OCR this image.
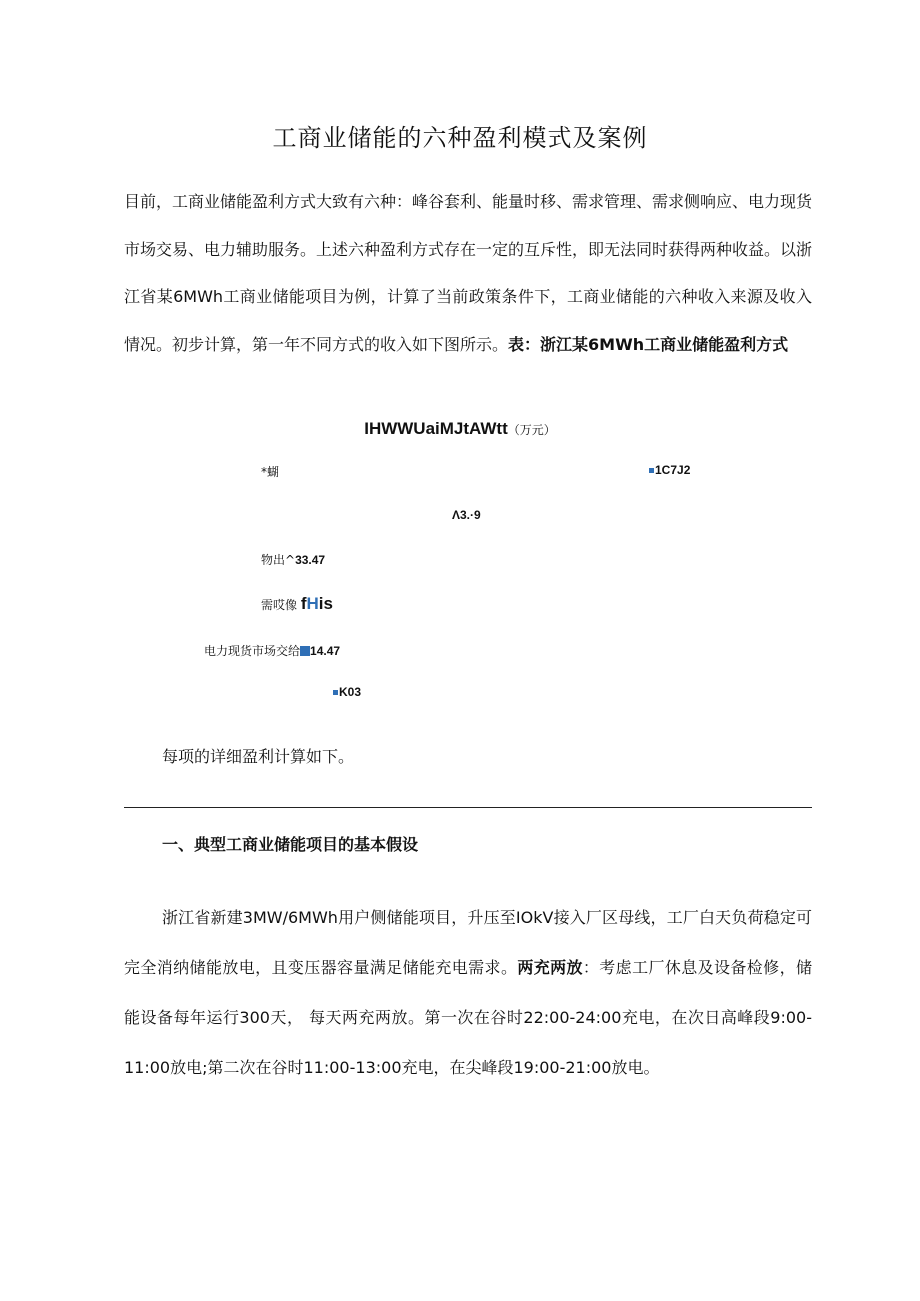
工商业储能的六种盈利模式及案例

目前，工商业储能盈利方式大致有六种：峰谷套利、能量时移、需求管理、需求侧响应、电力现货市场交易、电力辅助服务。上述六种盈利方式存在一定的互斥性，即无法同时获得两种收益。以浙江省某6MWh工商业储能项目为例，计算了当前政策条件下，工商业储能的六种收入来源及收入情况。初步计算，第一年不同方式的收入如下图所示。表：浙江某6MWh工商业储能盈利方式

IHWWUaiMJtAWtt（万元）
*蝴	1C7J2
Λ3.·9
物出^33.47
需哎像 fHis
电力现货市场交给 14.47
K03
每项的详细盈利计算如下。
一、典型工商业储能项目的基本假设

浙江省新建3MW/6MWh用户侧储能项目，升压至IOkV接入厂区母线，工厂白天负荷稳定可完全消纳储能放电，且变压器容量满足储能充电需求。两充两放：考虑工厂休息及设备检修，储能设备每年运行300天， 每天两充两放。第一次在谷时22:00-24:00充电，在次日高峰段9:00-11:00放电;第二次在谷时11:00-13:00充电，在尖峰段19:00-21:00放电。
